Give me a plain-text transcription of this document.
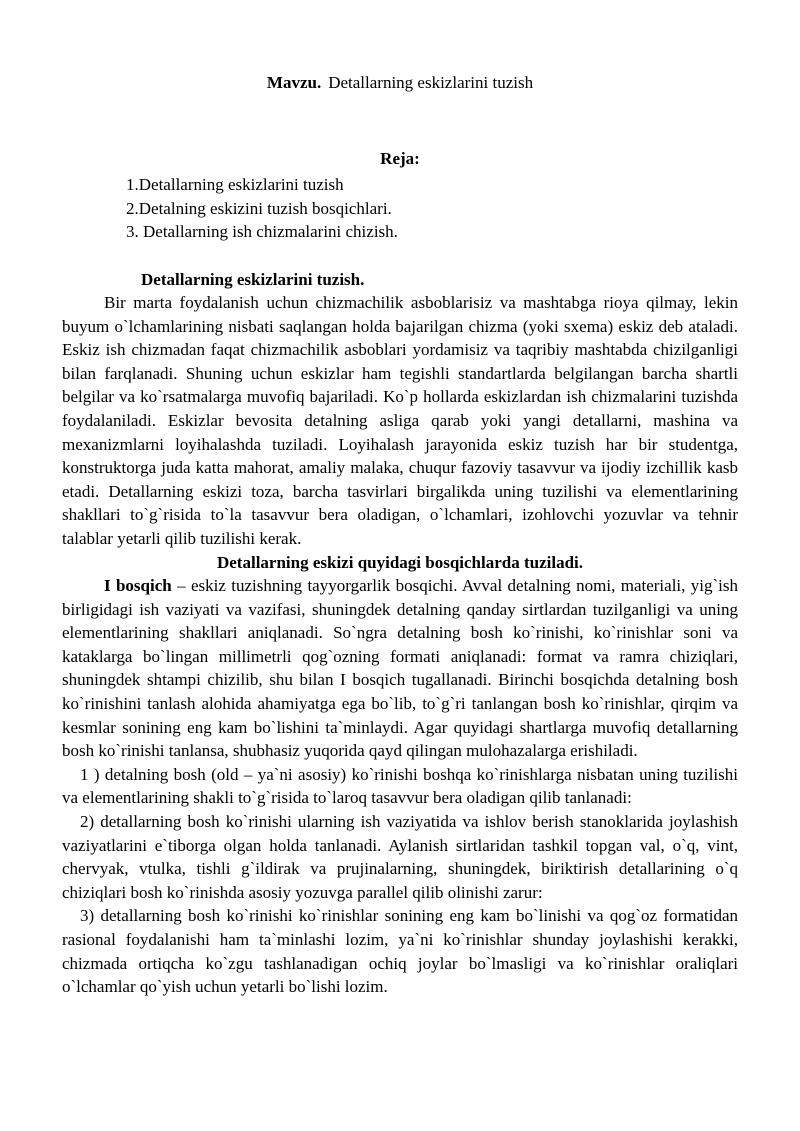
Mavzu. Detallarning eskizlarini tuzish
Reja:
1.Detallarning eskizlarini tuzish
2.Detalning eskizini tuzish bosqichlari.
3. Detallarning ish chizmalarini chizish.
Detallarning eskizlarini tuzish.

Bir marta foydalanish uchun chizmachilik asboblarisiz va mashtabga rioya qilmay, lekin buyum o`lchamlarining nisbati saqlangan holda bajarilgan chizma (yoki sxema) eskiz deb ataladi. Eskiz ish chizmadan faqat chizmachilik asboblari yordamisiz va taqribiy mashtabda chizilganligi bilan farqlanadi. Shuning uchun eskizlar ham tegishli standartlarda belgilangan barcha shartli belgilar va ko`rsatmalarga muvofiq bajariladi. Ko`p hollarda eskizlardan ish chizmalarini tuzishda foydalaniladi. Eskizlar bevosita detalning asliga qarab yoki yangi detallarni, mashina va mexanizmlarni loyihalashda tuziladi. Loyihalash jarayonida eskiz tuzish har bir studentga, konstruktorga juda katta mahorat, amaliy malaka, chuqur fazoviy tasavvur va ijodiy izchillik kasb etadi. Detallarning eskizi toza, barcha tasvirlari birgalikda uning tuzilishi va elementlarining shakllari to`g`risida to`la tasavvur bera oladigan, o`lchamlari, izohlovchi yozuvlar va tehnir talablar yetarli qilib tuzilishi kerak.

Detallarning eskizi quyidagi bosqichlarda tuziladi.

I bosqich – eskiz tuzishning tayyorgarlik bosqichi. Avval detalning nomi, materiali, yig`ish birligidagi ish vaziyati va vazifasi, shuningdek detalning qanday sirtlardan tuzilganligi va uning elementlarining shakllari aniqlanadi. So`ngra detalning bosh ko`rinishi, ko`rinishlar soni va kataklarga bo`lingan millimetrli qog`ozning formati aniqlanadi: format va ramra chiziqlari, shuningdek shtampi chizilib, shu bilan I bosqich tugallanadi. Birinchi bosqichda detalning bosh ko`rinishini tanlash alohida ahamiyatga ega bo`lib, to`g`ri tanlangan bosh ko`rinishlar, qirqim va kesmlar sonining eng kam bo`lishini ta`minlaydi. Agar quyidagi shartlarga muvofiq detallarning bosh ko`rinishi tanlansa, shubhasiz yuqorida qayd qilingan mulohazalarga erishiladi.

1 ) detalning bosh (old – ya`ni asosiy) ko`rinishi boshqa ko`rinishlarga nisbatan uning tuzilishi va elementlarining shakli to`g`risida to`laroq tasavvur bera oladigan qilib tanlanadi:

2) detallarning bosh ko`rinishi ularning ish vaziyatida va ishlov berish stanoklarida joylashish vaziyatlarini e`tiborga olgan holda tanlanadi. Aylanish sirtlaridan tashkil topgan val, o`q, vint, chervyak, vtulka, tishli g`ildirak va prujinalarning, shuningdek, biriktirish detallarining o`q chiziqlari bosh ko`rinishda asosiy yozuvga parallel qilib olinishi zarur:

3) detallarning bosh ko`rinishi ko`rinishlar sonining eng kam bo`linishi va qog`oz formatidan rasional foydalanishi ham ta`minlashi lozim, ya`ni ko`rinishlar shunday joylashishi kerakki, chizmada ortiqcha ko`zgu tashlanadigan ochiq joylar bo`lmasligi va ko`rinishlar oraliqlari o`lchamlar qo`yish uchun yetarli bo`lishi lozim.
